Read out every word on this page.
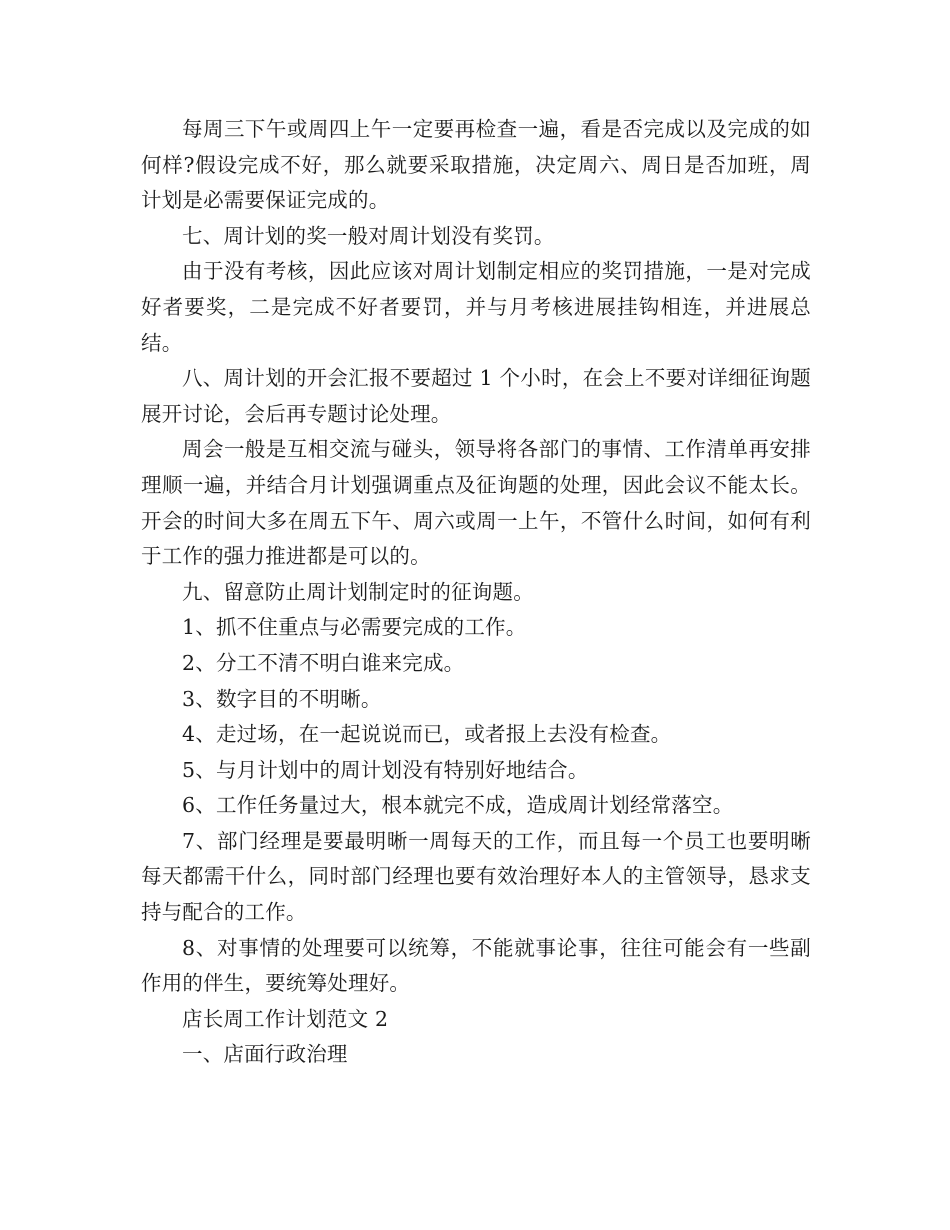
每周三下午或周四上午一定要再检查一遍，看是否完成以及完成的如何样?假设完成不好，那么就要采取措施，决定周六、周日是否加班，周计划是必需要保证完成的。

七、周计划的奖一般对周计划没有奖罚。

由于没有考核，因此应该对周计划制定相应的奖罚措施，一是对完成好者要奖，二是完成不好者要罚，并与月考核进展挂钩相连，并进展总结。

八、周计划的开会汇报不要超过 1 个小时，在会上不要对详细征询题展开讨论，会后再专题讨论处理。

周会一般是互相交流与碰头，领导将各部门的事情、工作清单再安排理顺一遍，并结合月计划强调重点及征询题的处理，因此会议不能太长。开会的时间大多在周五下午、周六或周一上午，不管什么时间，如何有利于工作的强力推进都是可以的。

九、留意防止周计划制定时的征询题。

1、抓不住重点与必需要完成的工作。

2、分工不清不明白谁来完成。

3、数字目的不明晰。

4、走过场，在一起说说而已，或者报上去没有检查。

5、与月计划中的周计划没有特别好地结合。

6、工作任务量过大，根本就完不成，造成周计划经常落空。

7、部门经理是要最明晰一周每天的工作，而且每一个员工也要明晰每天都需干什么，同时部门经理也要有效治理好本人的主管领导，恳求支持与配合的工作。

8、对事情的处理要可以统筹，不能就事论事，往往可能会有一些副作用的伴生，要统筹处理好。

店长周工作计划范文 2

一、店面行政治理
